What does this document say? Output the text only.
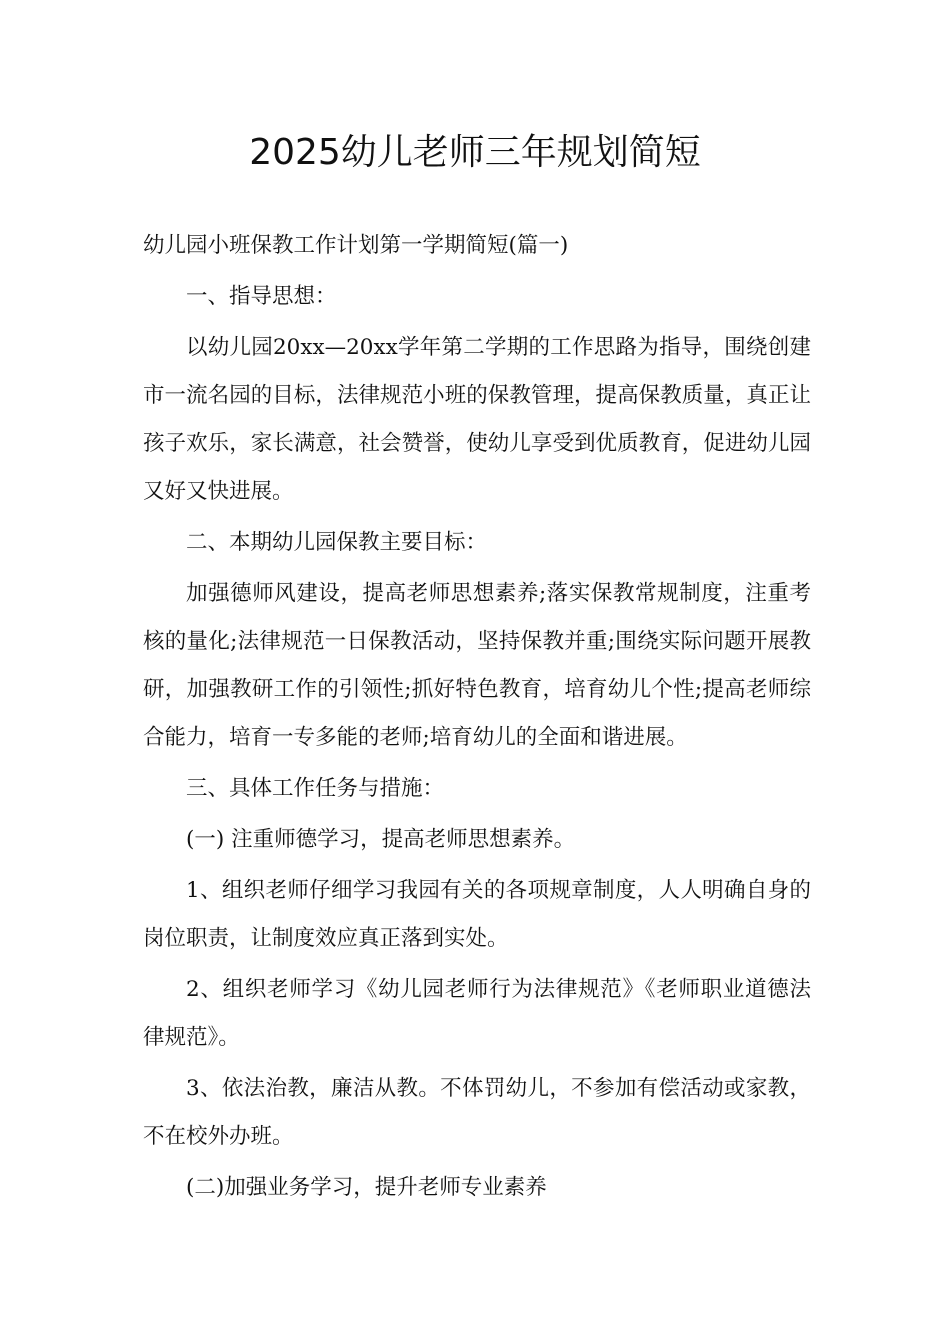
2025幼儿老师三年规划简短

幼儿园小班保教工作计划第一学期简短(篇一)

一、指导思想：

以幼儿园20xx—20xx学年第二学期的工作思路为指导，围绕创建市一流名园的目标，法律规范小班的保教管理，提高保教质量，真正让孩子欢乐，家长满意，社会赞誉，使幼儿享受到优质教育，促进幼儿园又好又快进展。

二、本期幼儿园保教主要目标：

加强德师风建设，提高老师思想素养;落实保教常规制度，注重考核的量化;法律规范一日保教活动，坚持保教并重;围绕实际问题开展教研，加强教研工作的引领性;抓好特色教育，培育幼儿个性;提高老师综合能力，培育一专多能的老师;培育幼儿的全面和谐进展。

三、具体工作任务与措施：

(一) 注重师德学习，提高老师思想素养。

1、组织老师仔细学习我园有关的各项规章制度，人人明确自身的岗位职责，让制度效应真正落到实处。

2、组织老师学习《幼儿园老师行为法律规范》《老师职业道德法律规范》。

3、依法治教，廉洁从教。不体罚幼儿，不参加有偿活动或家教，不在校外办班。

(二)加强业务学习，提升老师专业素养
